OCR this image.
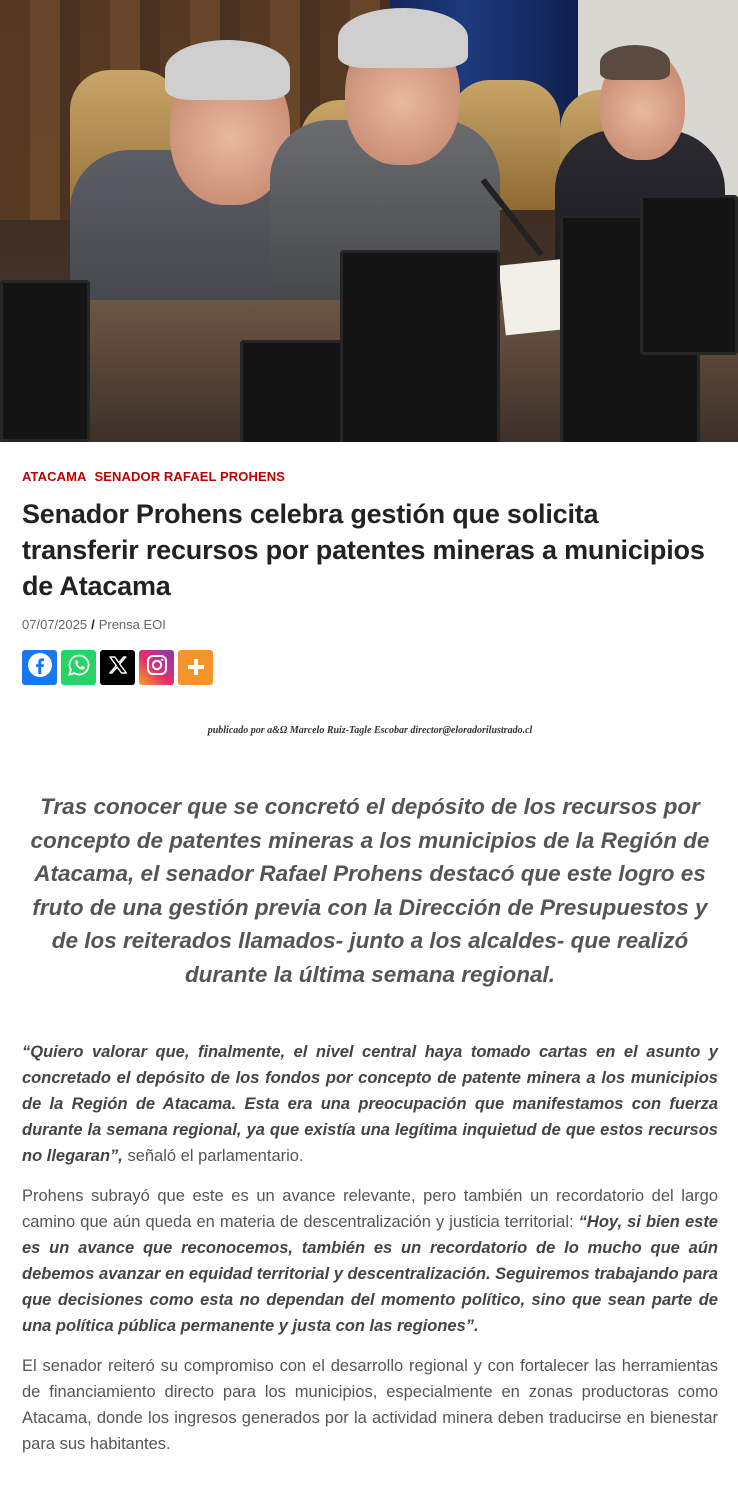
ATACAMA SENADOR RAFAEL PROHENS
Senador Prohens celebra gestión que solicita transferir recursos por patentes mineras a municipios de Atacama
07/07/2025 / Prensa EOI
publicado por a&Ω Marcelo Ruiz-Tagle Escobar director@eloradorilustrado.cl

Tras conocer que se concretó el depósito de los recursos por concepto de patentes mineras a los municipios de la Región de Atacama, el senador Rafael Prohens destacó que este logro es fruto de una gestión previa con la Dirección de Presupuestos y de los reiterados llamados- junto a los alcaldes- que realizó durante la última semana regional.

“Quiero valorar que, finalmente, el nivel central haya tomado cartas en el asunto y concretado el depósito de los fondos por concepto de patente minera a los municipios de la Región de Atacama. Esta era una preocupación que manifestamos con fuerza durante la semana regional, ya que existía una legítima inquietud de que estos recursos no llegaran”, señaló el parlamentario.

Prohens subrayó que este es un avance relevante, pero también un recordatorio del largo camino que aún queda en materia de descentralización y justicia territorial: “Hoy, si bien este es un avance que reconocemos, también es un recordatorio de lo mucho que aún debemos avanzar en equidad territorial y descentralización. Seguiremos trabajando para que decisiones como esta no dependan del momento político, sino que sean parte de una política pública permanente y justa con las regiones”.

El senador reiteró su compromiso con el desarrollo regional y con fortalecer las herramientas de financiamiento directo para los municipios, especialmente en zonas productoras como Atacama, donde los ingresos generados por la actividad minera deben traducirse en bienestar para sus habitantes.
